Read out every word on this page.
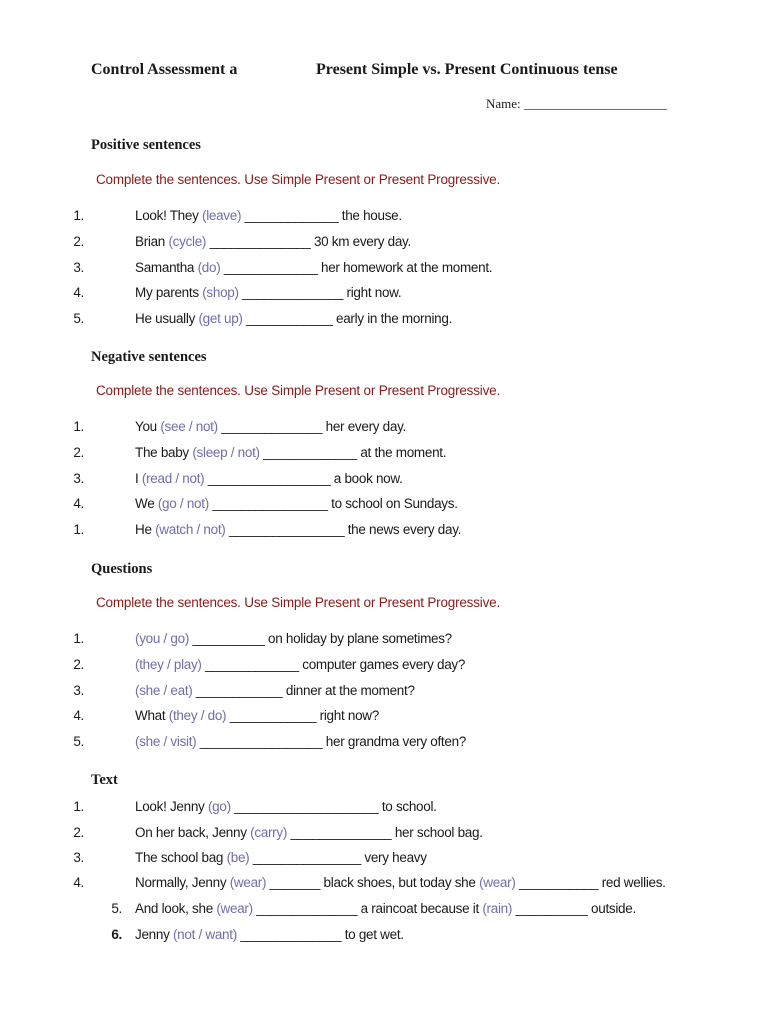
Control Assessment a	Present Simple vs. Present Continuous tense
Name: ______________________
Positive sentences
Complete the sentences. Use Simple Present or Present Progressive.
1.	Look! They (leave) _____________ the house.
2.	Brian (cycle) ______________ 30 km every day.
3.	Samantha (do) _____________ her homework at the moment.
4.	My parents (shop) ______________ right now.
5.	He usually (get up) ____________ early in the morning.
Negative sentences
Complete the sentences. Use Simple Present or Present Progressive.
1.	You (see / not) ______________ her every day.
2.	The baby (sleep / not) _____________ at the moment.
3.	I (read / not) _________________ a book now.
4.	We (go / not) ________________ to school on Sundays.
1.	He (watch / not) ________________ the news every day.
Questions
Complete the sentences. Use Simple Present or Present Progressive.
1.	(you / go) __________ on holiday by plane sometimes?
2.	(they / play) _____________ computer games every day?
3.	(she / eat) ____________ dinner at the moment?
4.	What (they / do) ____________ right now?
5.	(she / visit) _________________ her grandma very often?
Text
1.	Look! Jenny (go) ____________________ to school.
2.	On her back, Jenny (carry) ______________ her school bag.
3.	The school bag (be) _______________ very heavy
4.	Normally, Jenny (wear) _______ black shoes, but today she (wear) ___________ red wellies.
5. And look, she (wear) ______________ a raincoat because it (rain) __________ outside.
6. Jenny (not / want) ______________ to get wet.
